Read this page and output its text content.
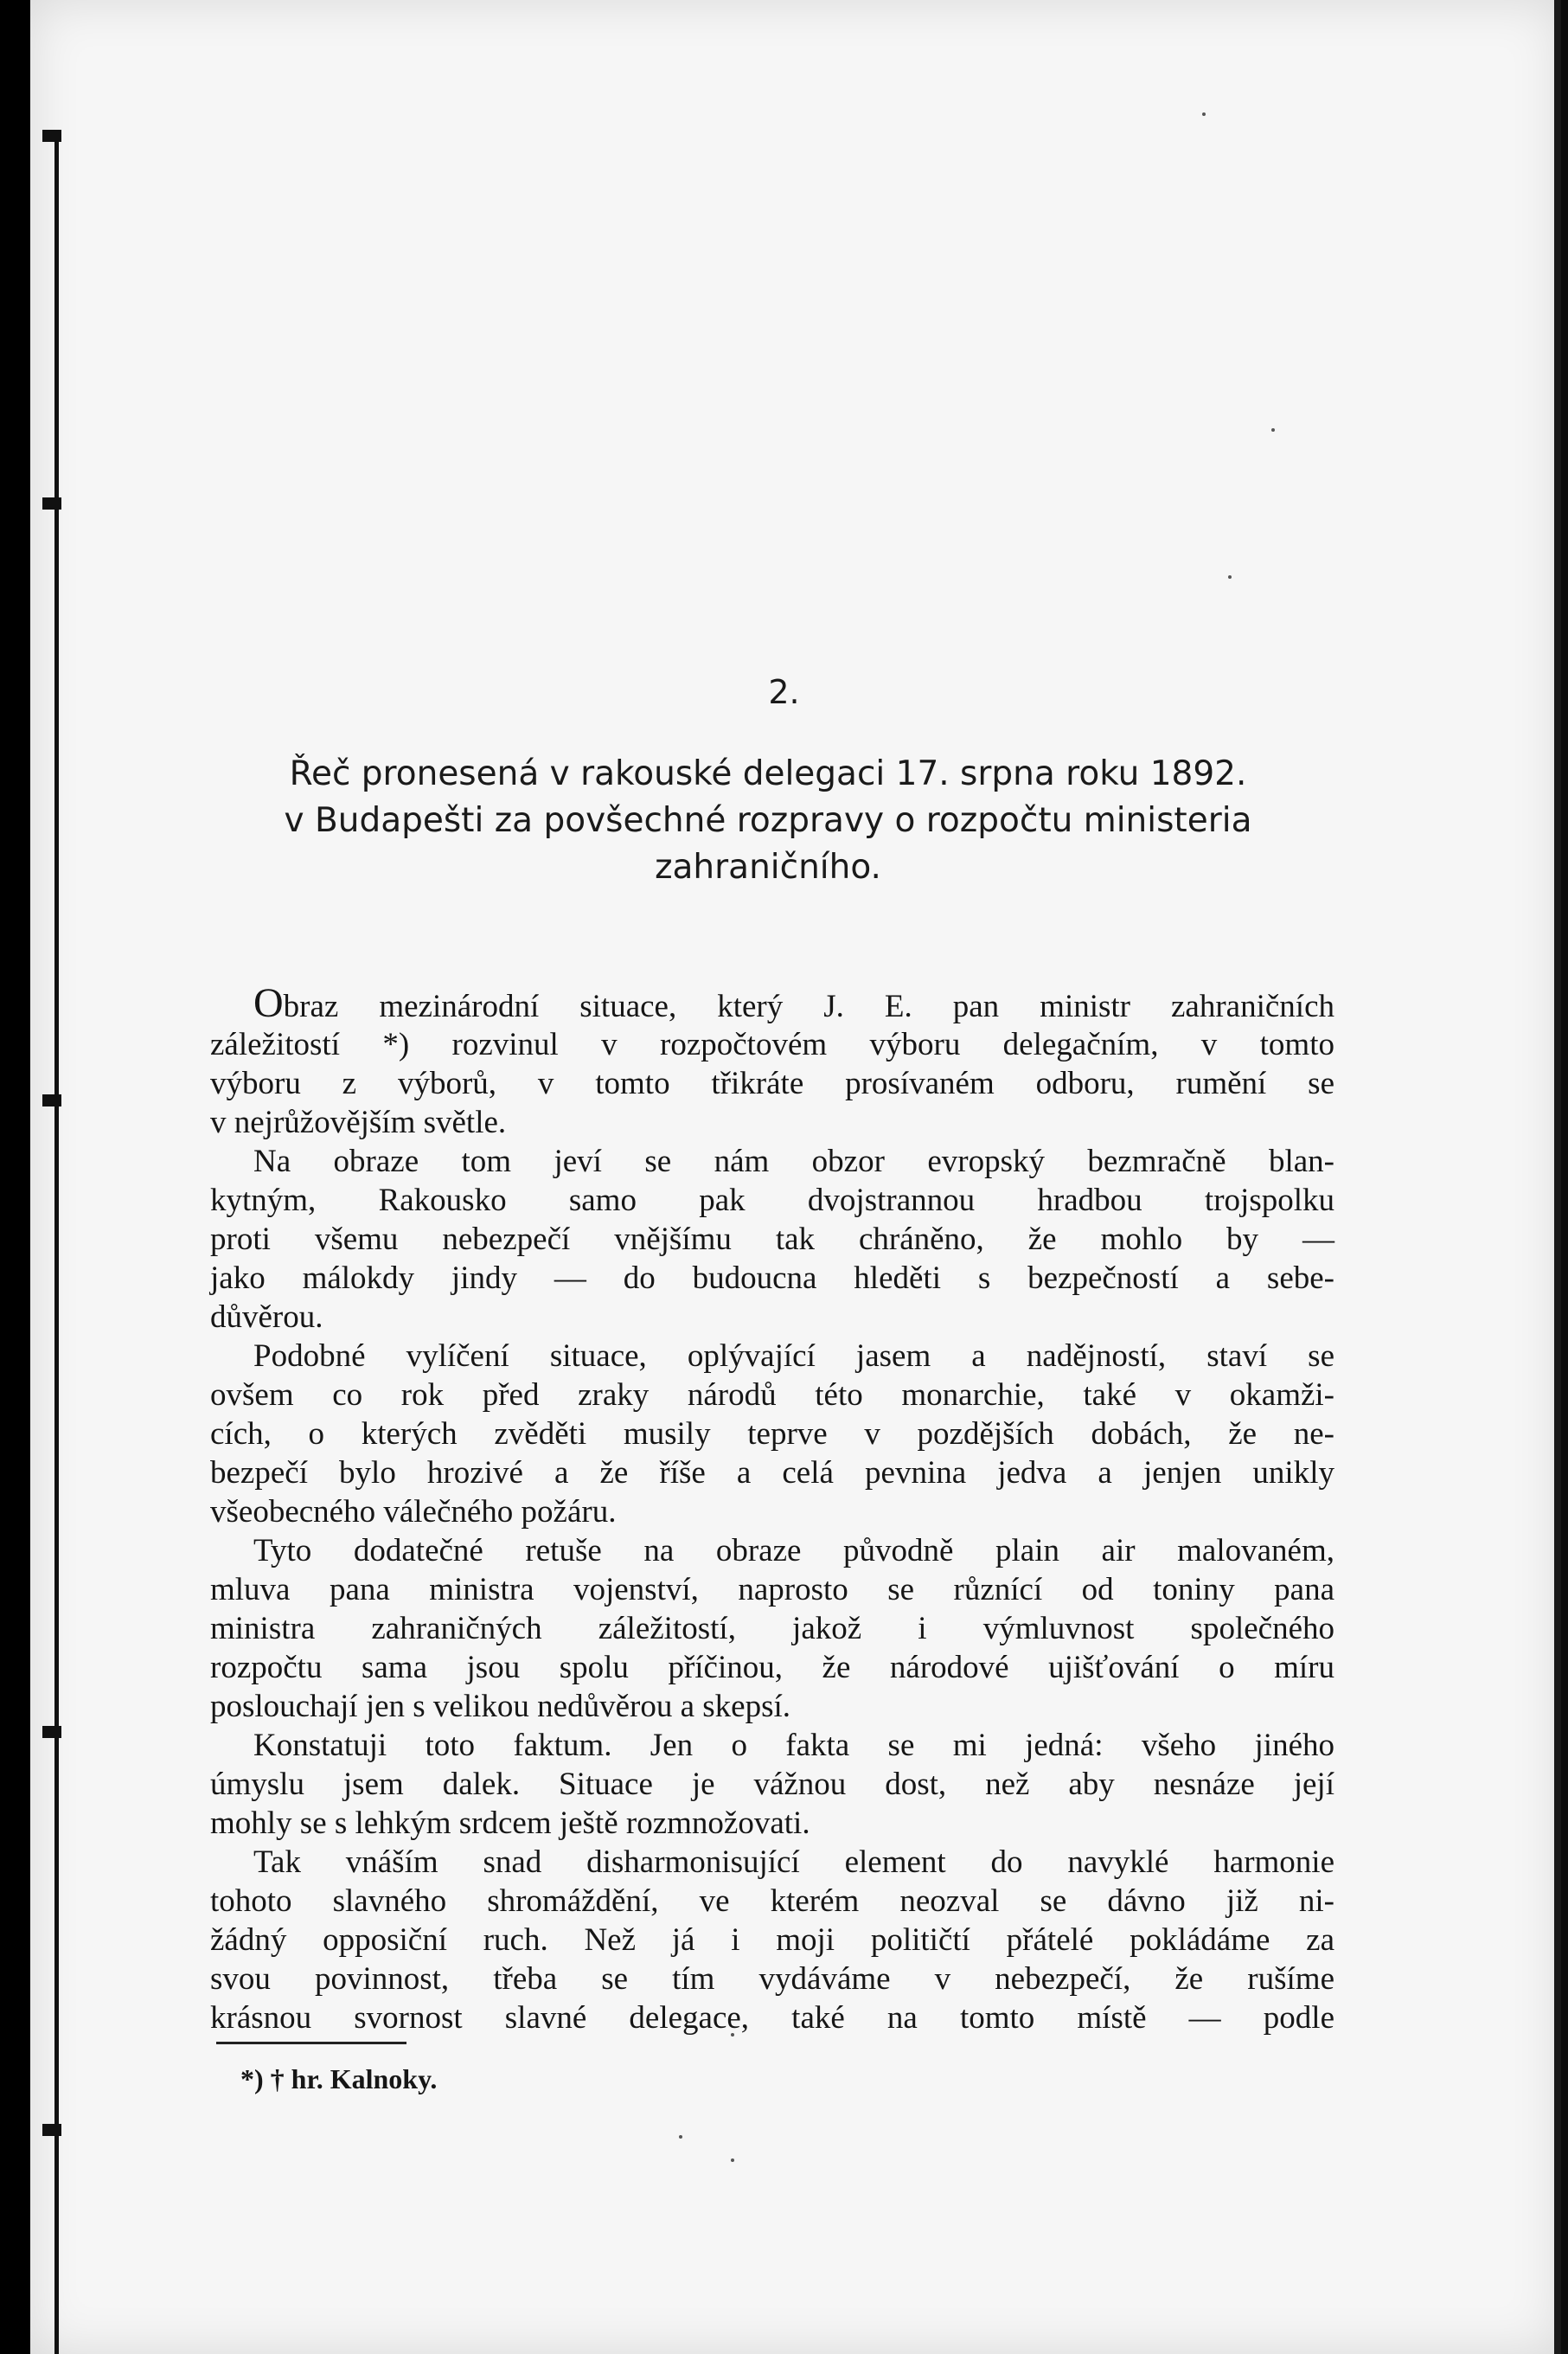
2.
Řeč pronesená v rakouské delegaci 17. srpna roku 1892.
v Budapešti za povšechné rozpravy o rozpočtu ministeria
zahraničního.
Obraz mezinárodní situace, který J. E. pan ministr zahraničních
záležitostí *) rozvinul v rozpočtovém výboru delegačním, v tomto
výboru z výborů, v tomto třikráte prosívaném odboru, rumění se
v nejrůžovějším světle.
Na obraze tom jeví se nám obzor evropský bezmračně blan-
kytným, Rakousko samo pak dvojstrannou hradbou trojspolku
proti všemu nebezpečí vnějšímu tak chráněno, že mohlo by —
jako málokdy jindy — do budoucna hleděti s bezpečností a sebe-
důvěrou.
Podobné vylíčení situace, oplývající jasem a nadějností, staví se
ovšem co rok před zraky národů této monarchie, také v okamži-
cích, o kterých zvěděti musily teprve v pozdějších dobách, že ne-
bezpečí bylo hrozivé a že říše a celá pevnina jedva a jenjen unikly
všeobecného válečného požáru.
Tyto dodatečné retuše na obraze původně plain air malovaném,
mluva pana ministra vojenství, naprosto se různící od toniny pana
ministra zahraničných záležitostí, jakož i výmluvnost společného
rozpočtu sama jsou spolu příčinou, že národové ujišťování o míru
poslouchají jen s velikou nedůvěrou a skepsí.
Konstatuji toto faktum. Jen o fakta se mi jedná: všeho jiného
úmyslu jsem dalek. Situace je vážnou dost, než aby nesnáze její
mohly se s lehkým srdcem ještě rozmnožovati.
Tak vnáším snad disharmonisující element do navyklé harmonie
tohoto slavného shromáždění, ve kterém neozval se dávno již ni-
žádný opposiční ruch. Než já i moji političtí přátelé pokládáme za
svou povinnost, třeba se tím vydáváme v nebezpečí, že rušíme
krásnou svornost slavné delegace, také na tomto místě — podle
*) † hr. Kalnoky.
